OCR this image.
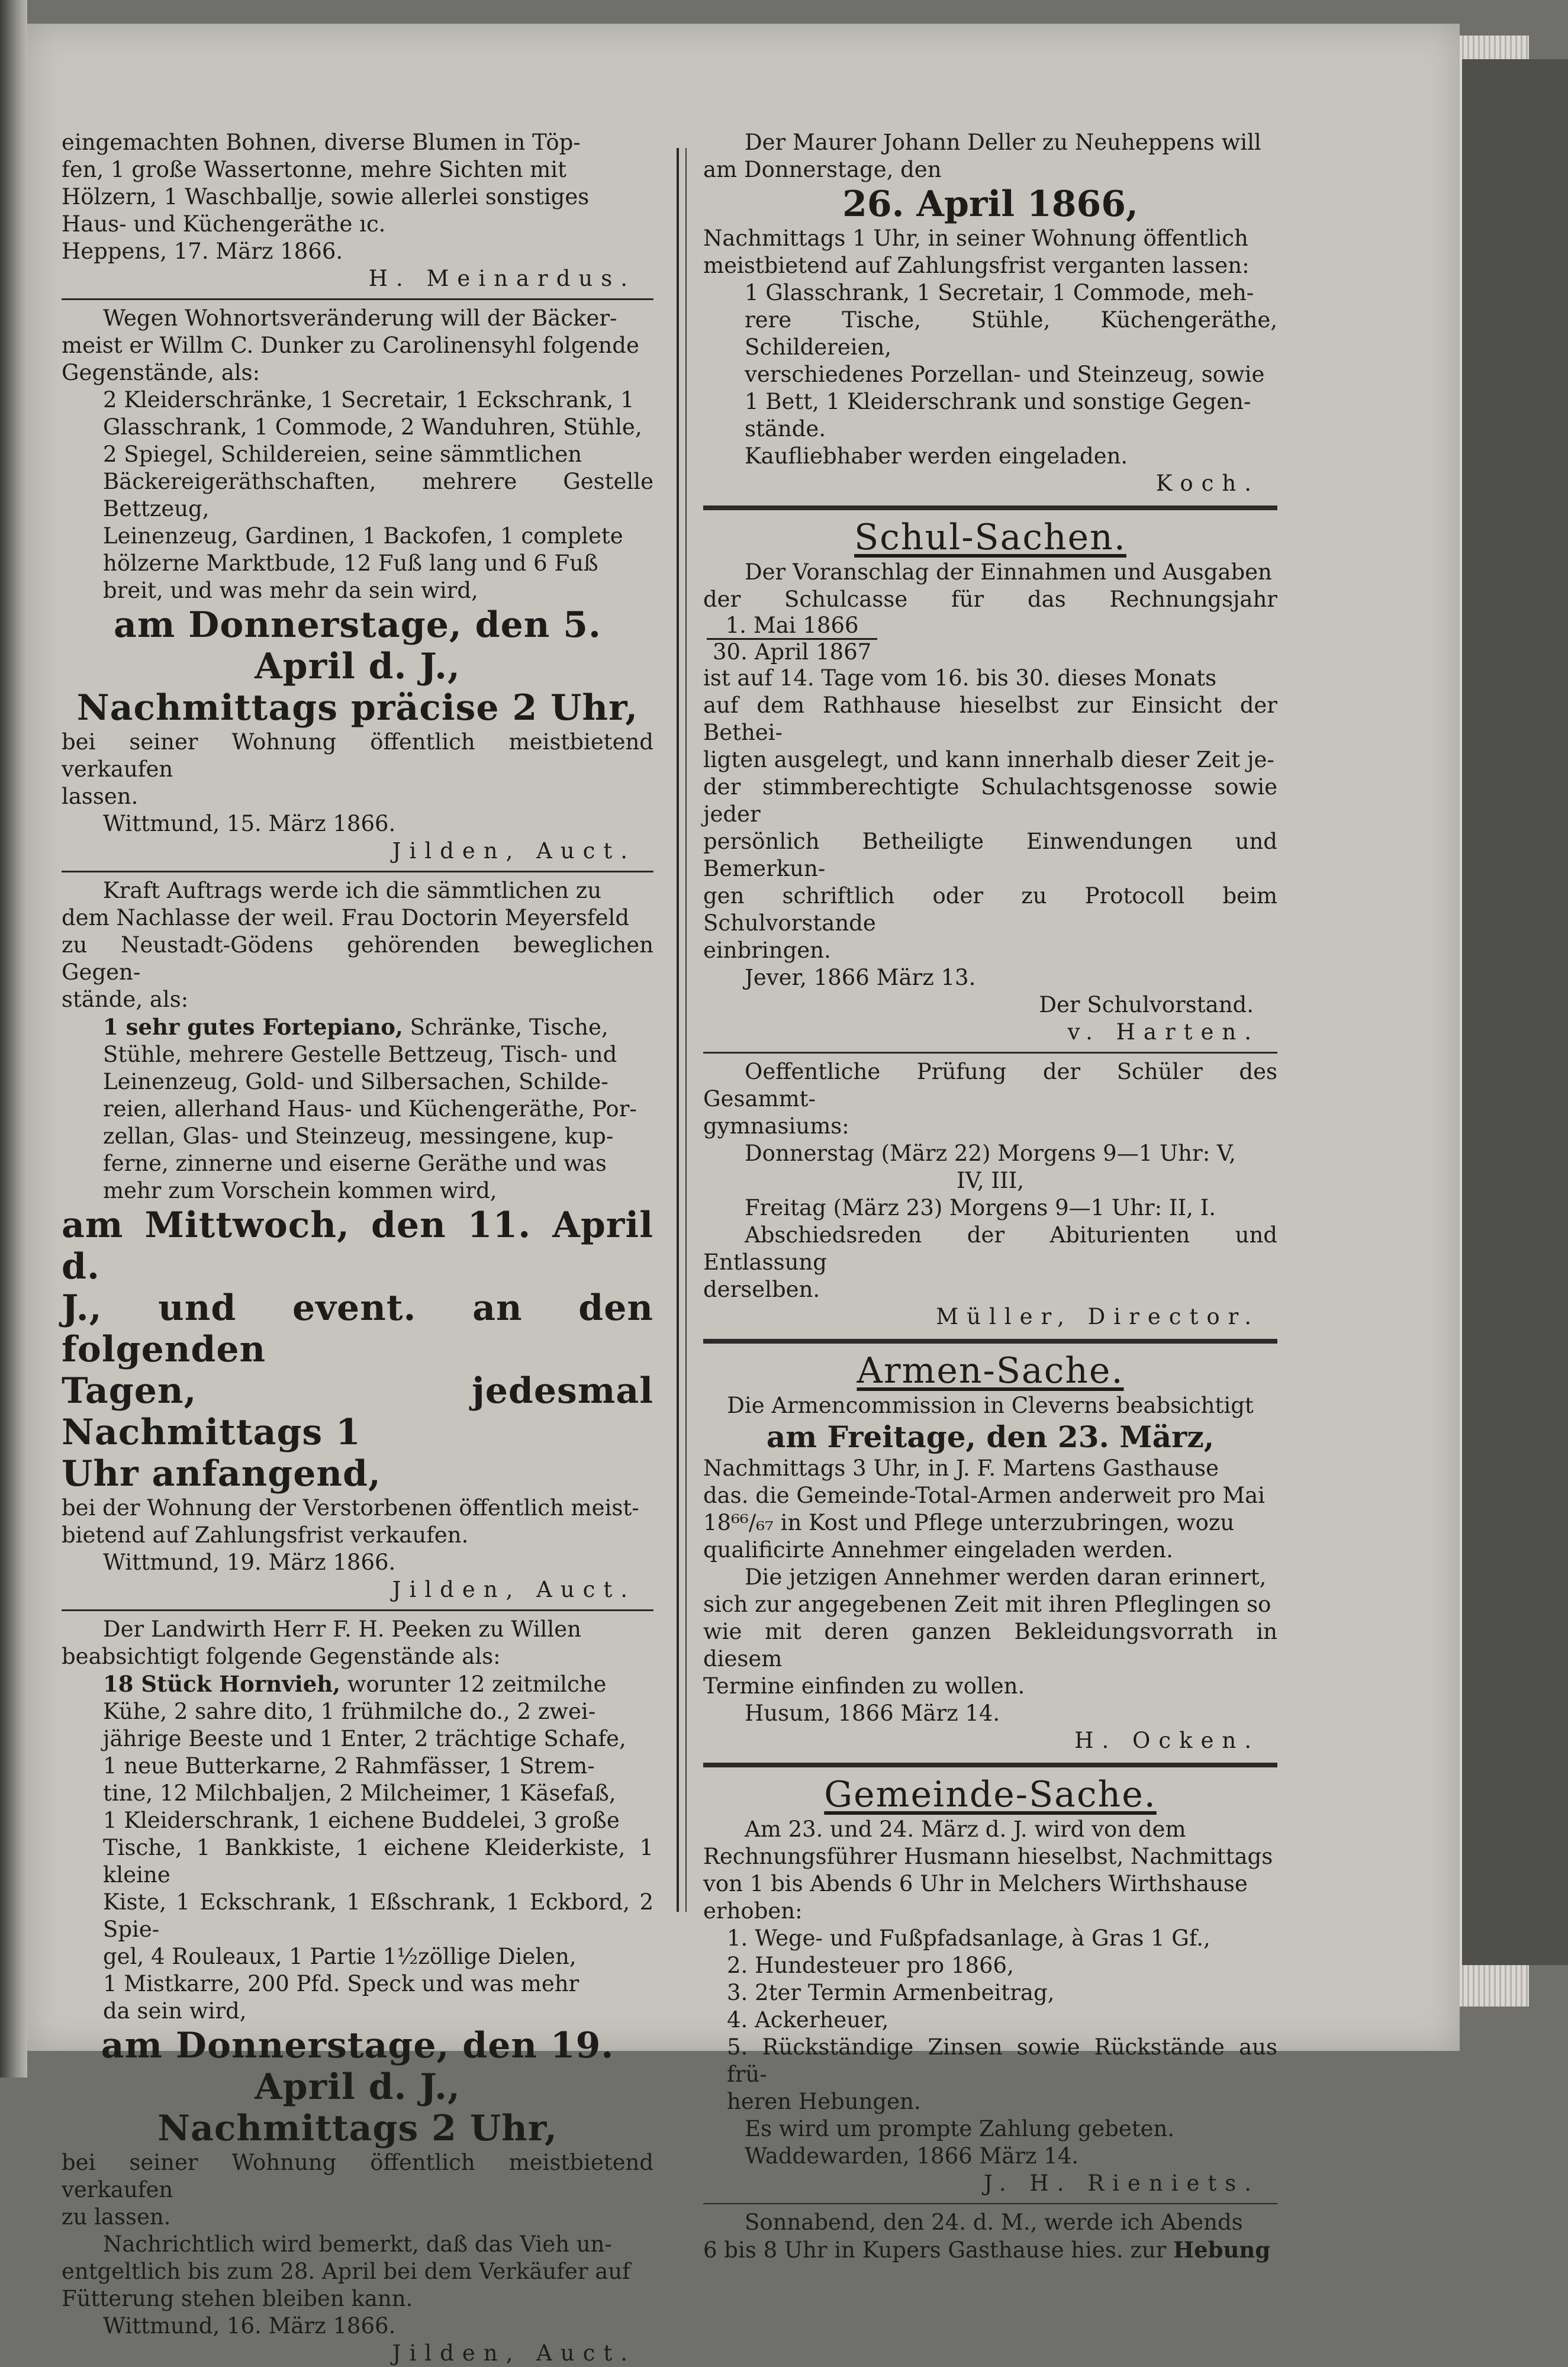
eingemachten Bohnen, diverse Blumen in Töp-

fen, 1 große Wassertonne, mehre Sichten mit

Hölzern, 1 Waschballje, sowie allerlei sonstiges

Haus- und Küchengeräthe ıc.

Heppens, 17. März 1866.

H. Meinardus.

Wegen Wohnortsveränderung will der Bäcker-

meist er Willm C. Dunker zu Carolinensyhl folgende

Gegenstände, als:

2 Kleiderschränke, 1 Secretair, 1 Eckschrank, 1

Glasschrank, 1 Commode, 2 Wanduhren, Stühle,

2 Spiegel, Schildereien, seine sämmtlichen

Bäckereigeräthschaften, mehrere Gestelle Bettzeug,

Leinenzeug, Gardinen, 1 Backofen, 1 complete

hölzerne Marktbude, 12 Fuß lang und 6 Fuß

breit, und was mehr da sein wird,

am Donnerstage, den 5. April d. J.,

Nachmittags präcise 2 Uhr,

bei seiner Wohnung öffentlich meistbietend verkaufen

lassen.

Wittmund, 15. März 1866.

Jilden, Auct.

Kraft Auftrags werde ich die sämmtlichen zu

dem Nachlasse der weil. Frau Doctorin Meyersfeld

zu Neustadt-Gödens gehörenden beweglichen Gegen-

stände, als:

1 sehr gutes Fortepiano, Schränke, Tische,

Stühle, mehrere Gestelle Bettzeug, Tisch- und

Leinenzeug, Gold- und Silbersachen, Schilde-

reien, allerhand Haus- und Küchengeräthe, Por-

zellan, Glas- und Steinzeug, messingene, kup-

ferne, zinnerne und eiserne Geräthe und was

mehr zum Vorschein kommen wird,

am Mittwoch, den 11. April d.

J., und event. an den folgenden

Tagen, jedesmal Nachmittags 1

Uhr anfangend,

bei der Wohnung der Verstorbenen öffentlich meist-

bietend auf Zahlungsfrist verkaufen.

Wittmund, 19. März 1866.

Jilden, Auct.

Der Landwirth Herr F. H. Peeken zu Willen

beabsichtigt folgende Gegenstände als:

18 Stück Hornvieh, worunter 12 zeitmilche

Kühe, 2 sahre dito, 1 frühmilche do., 2 zwei-

jährige Beeste und 1 Enter, 2 trächtige Schafe,

1 neue Butterkarne, 2 Rahmfässer, 1 Strem-

tine, 12 Milchbaljen, 2 Milcheimer, 1 Käsefaß,

1 Kleiderschrank, 1 eichene Buddelei, 3 große

Tische, 1 Bankkiste, 1 eichene Kleiderkiste, 1 kleine

Kiste, 1 Eckschrank, 1 Eßschrank, 1 Eckbord, 2 Spie-

gel, 4 Rouleaux, 1 Partie 1½zöllige Dielen,

1 Mistkarre, 200 Pfd. Speck und was mehr

da sein wird,

am Donnerstage, den 19. April d. J.,

Nachmittags 2 Uhr,

bei seiner Wohnung öffentlich meistbietend verkaufen

zu lassen.

Nachrichtlich wird bemerkt, daß das Vieh un-

entgeltlich bis zum 28. April bei dem Verkäufer auf

Fütterung stehen bleiben kann.

Wittmund, 16. März 1866.

Jilden, Auct.

Der Maurer Johann Deller zu Neuheppens will

am Donnerstage, den

26. April 1866,

Nachmittags 1 Uhr, in seiner Wohnung öffentlich

meistbietend auf Zahlungsfrist verganten lassen:

1 Glasschrank, 1 Secretair, 1 Commode, meh-

rere Tische, Stühle, Küchengeräthe, Schildereien,

verschiedenes Porzellan- und Steinzeug, sowie

1 Bett, 1 Kleiderschrank und sonstige Gegen-

stände.

Kaufliebhaber werden eingeladen.

Koch.

Schul-Sachen.

Der Voranschlag der Einnahmen und Ausgaben

der Schulcasse für das Rechnungsjahr
$\frac{\text{1. Mai 1866}}{\text{30. April 1867}}$

ist auf 14. Tage vom 16. bis 30. dieses Monats

auf dem Rathhause hieselbst zur Einsicht der Bethei-

ligten ausgelegt, und kann innerhalb dieser Zeit je-

der stimmberechtigte Schulachtsgenosse sowie jeder

persönlich Betheiligte Einwendungen und Bemerkun-

gen schriftlich oder zu Protocoll beim Schulvorstande

einbringen.

Jever, 1866 März 13.

Der Schulvorstand.

v. Harten.

Oeffentliche Prüfung der Schüler des Gesammt-

gymnasiums:

Donnerstag (März 22) Morgens 9—1 Uhr: V,

IV, III,

Freitag (März 23) Morgens 9—1 Uhr: II, I.

Abschiedsreden der Abiturienten und Entlassung

derselben.

Müller, Director.

Armen-Sache.

Die Armencommission in Cleverns beabsichtigt

am Freitage, den 23. März,

Nachmittags 3 Uhr, in J. F. Martens Gasthause

das. die Gemeinde-Total-Armen anderweit pro Mai

18⁶⁶/₆₇ in Kost und Pflege unterzubringen, wozu

qualificirte Annehmer eingeladen werden.

Die jetzigen Annehmer werden daran erinnert,

sich zur angegebenen Zeit mit ihren Pfleglingen so

wie mit deren ganzen Bekleidungsvorrath in diesem

Termine einfinden zu wollen.

Husum, 1866 März 14.

H. Ocken.

Gemeinde-Sache.

Am 23. und 24. März d. J. wird von dem

Rechnungsführer Husmann hieselbst, Nachmittags

von 1 bis Abends 6 Uhr in Melchers Wirthshause

erhoben:

1. Wege- und Fußpfadsanlage, à Gras 1 Gf.,

2. Hundesteuer pro 1866,

3. 2ter Termin Armenbeitrag,

4. Ackerheuer,

5. Rückständige Zinsen sowie Rückstände aus frü-

heren Hebungen.

Es wird um prompte Zahlung gebeten.

Waddewarden, 1866 März 14.

J. H. Rieniets.

Sonnabend, den 24. d. M., werde ich Abends

6 bis 8 Uhr in Kupers Gasthause hies. zur Hebung
